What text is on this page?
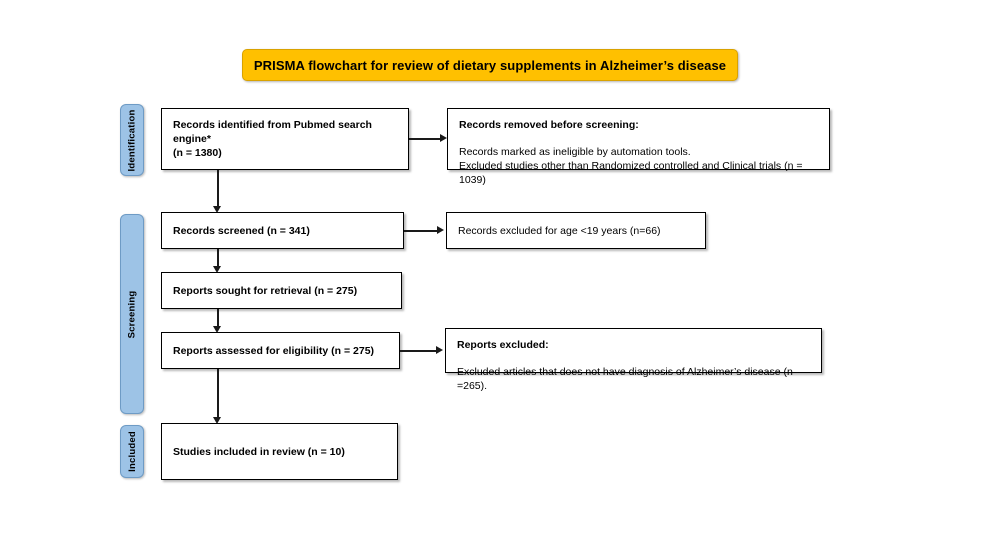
PRISMA flowchart for review of dietary supplements in Alzheimer’s disease
Identification
Screening
Included
Records identified from Pubmed search
engine*
(n = 1380)
Records removed before screening:
Records marked as ineligible by automation tools.
Excluded studies other than Randomized controlled and Clinical trials (n = 1039)
Records screened (n = 341)	Records excluded for age <19 years (n=66)
Reports sought for retrieval (n = 275)
Reports assessed for eligibility (n = 275)	Reports excluded:
Excluded articles that does not have diagnosis of Alzheimer’s disease (n =265).
Studies included in review (n = 10)
